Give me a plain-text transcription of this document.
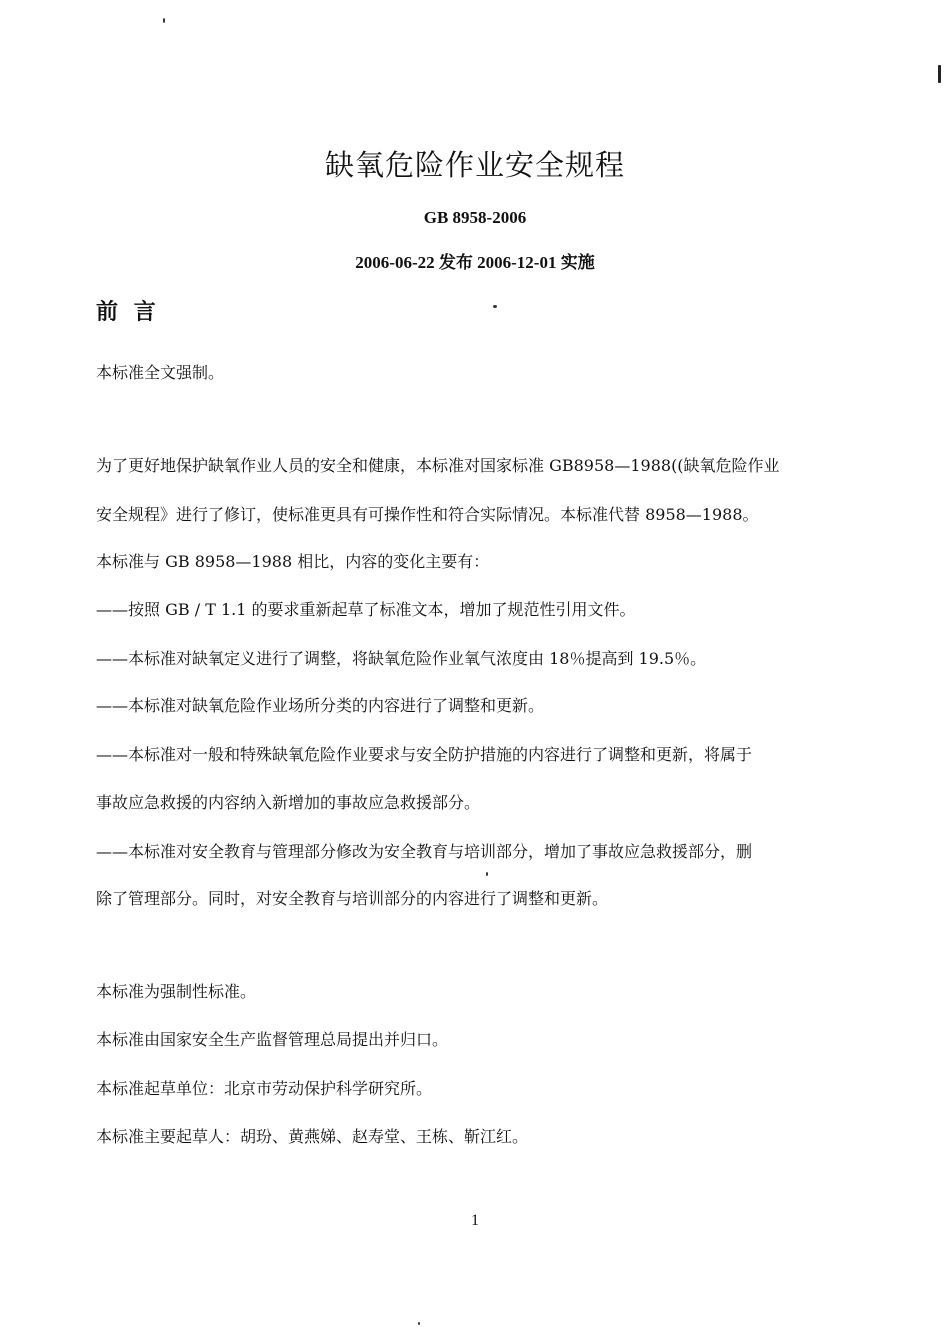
缺氧危险作业安全规程
GB 8958-2006
2006-06-22 发布 2006-12-01 实施
前 言
本标准全文强制。
为了更好地保护缺氧作业人员的安全和健康，本标准对国家标准 GB8958—1988((缺氧危险作业
安全规程》进行了修订，使标准更具有可操作性和符合实际情况。本标准代替 8958—1988。
本标准与 GB 8958—1988 相比，内容的变化主要有：
——按照 GB / T 1.1 的要求重新起草了标准文本，增加了规范性引用文件。
——本标准对缺氧定义进行了调整，将缺氧危险作业氧气浓度由 18％提高到 19.5％。
——本标准对缺氧危险作业场所分类的内容进行了调整和更新。
——本标准对一般和特殊缺氧危险作业要求与安全防护措施的内容进行了调整和更新，将属于
事故应急救援的内容纳入新增加的事故应急救援部分。
——本标准对安全教育与管理部分修改为安全教育与培训部分，增加了事故应急救援部分，删
除了管理部分。同时，对安全教育与培训部分的内容进行了调整和更新。
本标准为强制性标准。
本标准由国家安全生产监督管理总局提出并归口。
本标准起草单位：北京市劳动保护科学研究所。
本标准主要起草人：胡玢、黄燕娣、赵寿堂、王栋、靳江红。
1
